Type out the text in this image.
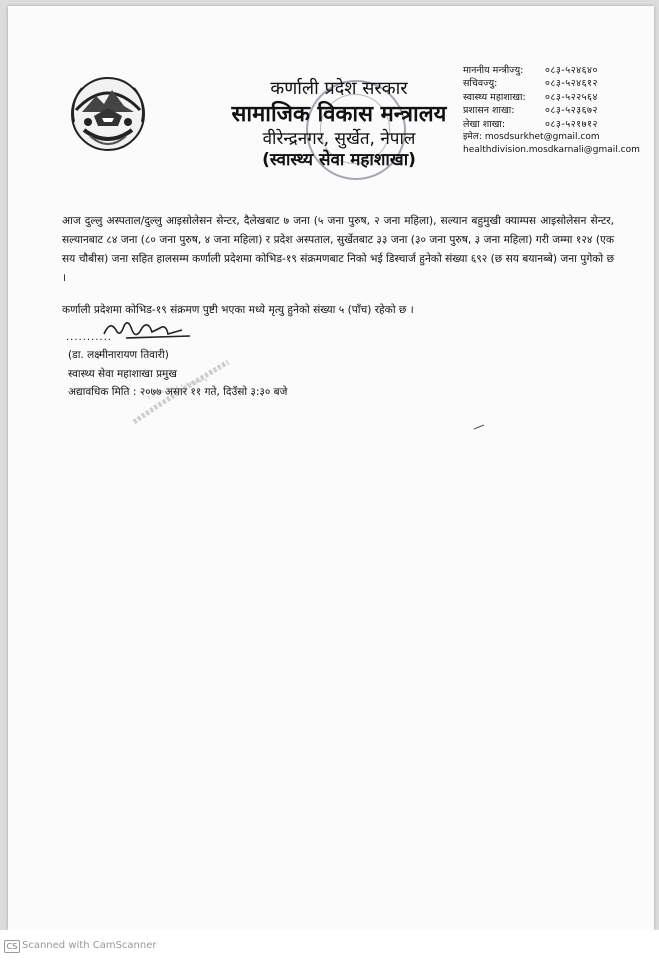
कर्णाली प्रदेश सरकार
सामाजिक विकास मन्त्रालय
वीरेन्द्रनगर, सुर्खेत, नेपाल
(स्वास्थ्य सेवा महाशाखा)
माननीय मन्त्रीज्यु:	०८३-५२४६४०
सचिवज्यु:	०८३-५२४६१२
स्वास्थ्य महाशाखा:	०८३-५२२५६४
प्रशासन शाखा:	०८३-५२३६७२
लेखा शाखा:	०८३-५२१७१२
इमेल: mosdsurkhet@gmail.com
healthdivision.mosdkarnali@gmail.com

आज दुल्लु अस्पताल/दुल्लु आइसोलेसन सेन्टर, दैलेखबाट ७ जना (५ जना पुरुष, २ जना महिला), सल्यान बहुमुखी क्याम्पस आइसोलेसन सेन्टर, सल्यानबाट ८४ जना (८० जना पुरुष, ४ जना महिला) र प्रदेश अस्पताल, सुर्खेतबाट ३३ जना (३० जना पुरुष, ३ जना महिला) गरी जम्मा १२४ (एक सय चौबीस) जना सहित हालसम्म कर्णाली प्रदेशमा कोभिड-१९ संक्रमणबाट निको भई डिस्चार्ज हुनेको संख्या ६९२ (छ सय बयानब्बे) जना पुगेको छ ।

कर्णाली प्रदेशमा कोभिड-१९ संक्रमण पुष्टी भएका मध्ये मृत्यु हुनेको संख्या ५ (पाँच) रहेको छ ।

...........
(डा. लक्ष्मीनारायण तिवारी)
स्वास्थ्य सेवा महाशाखा प्रमुख
अद्यावधिक मिति : २०७७ असार ११ गते, दिउँसो ३:३० बजे
CS Scanned with CamScanner
